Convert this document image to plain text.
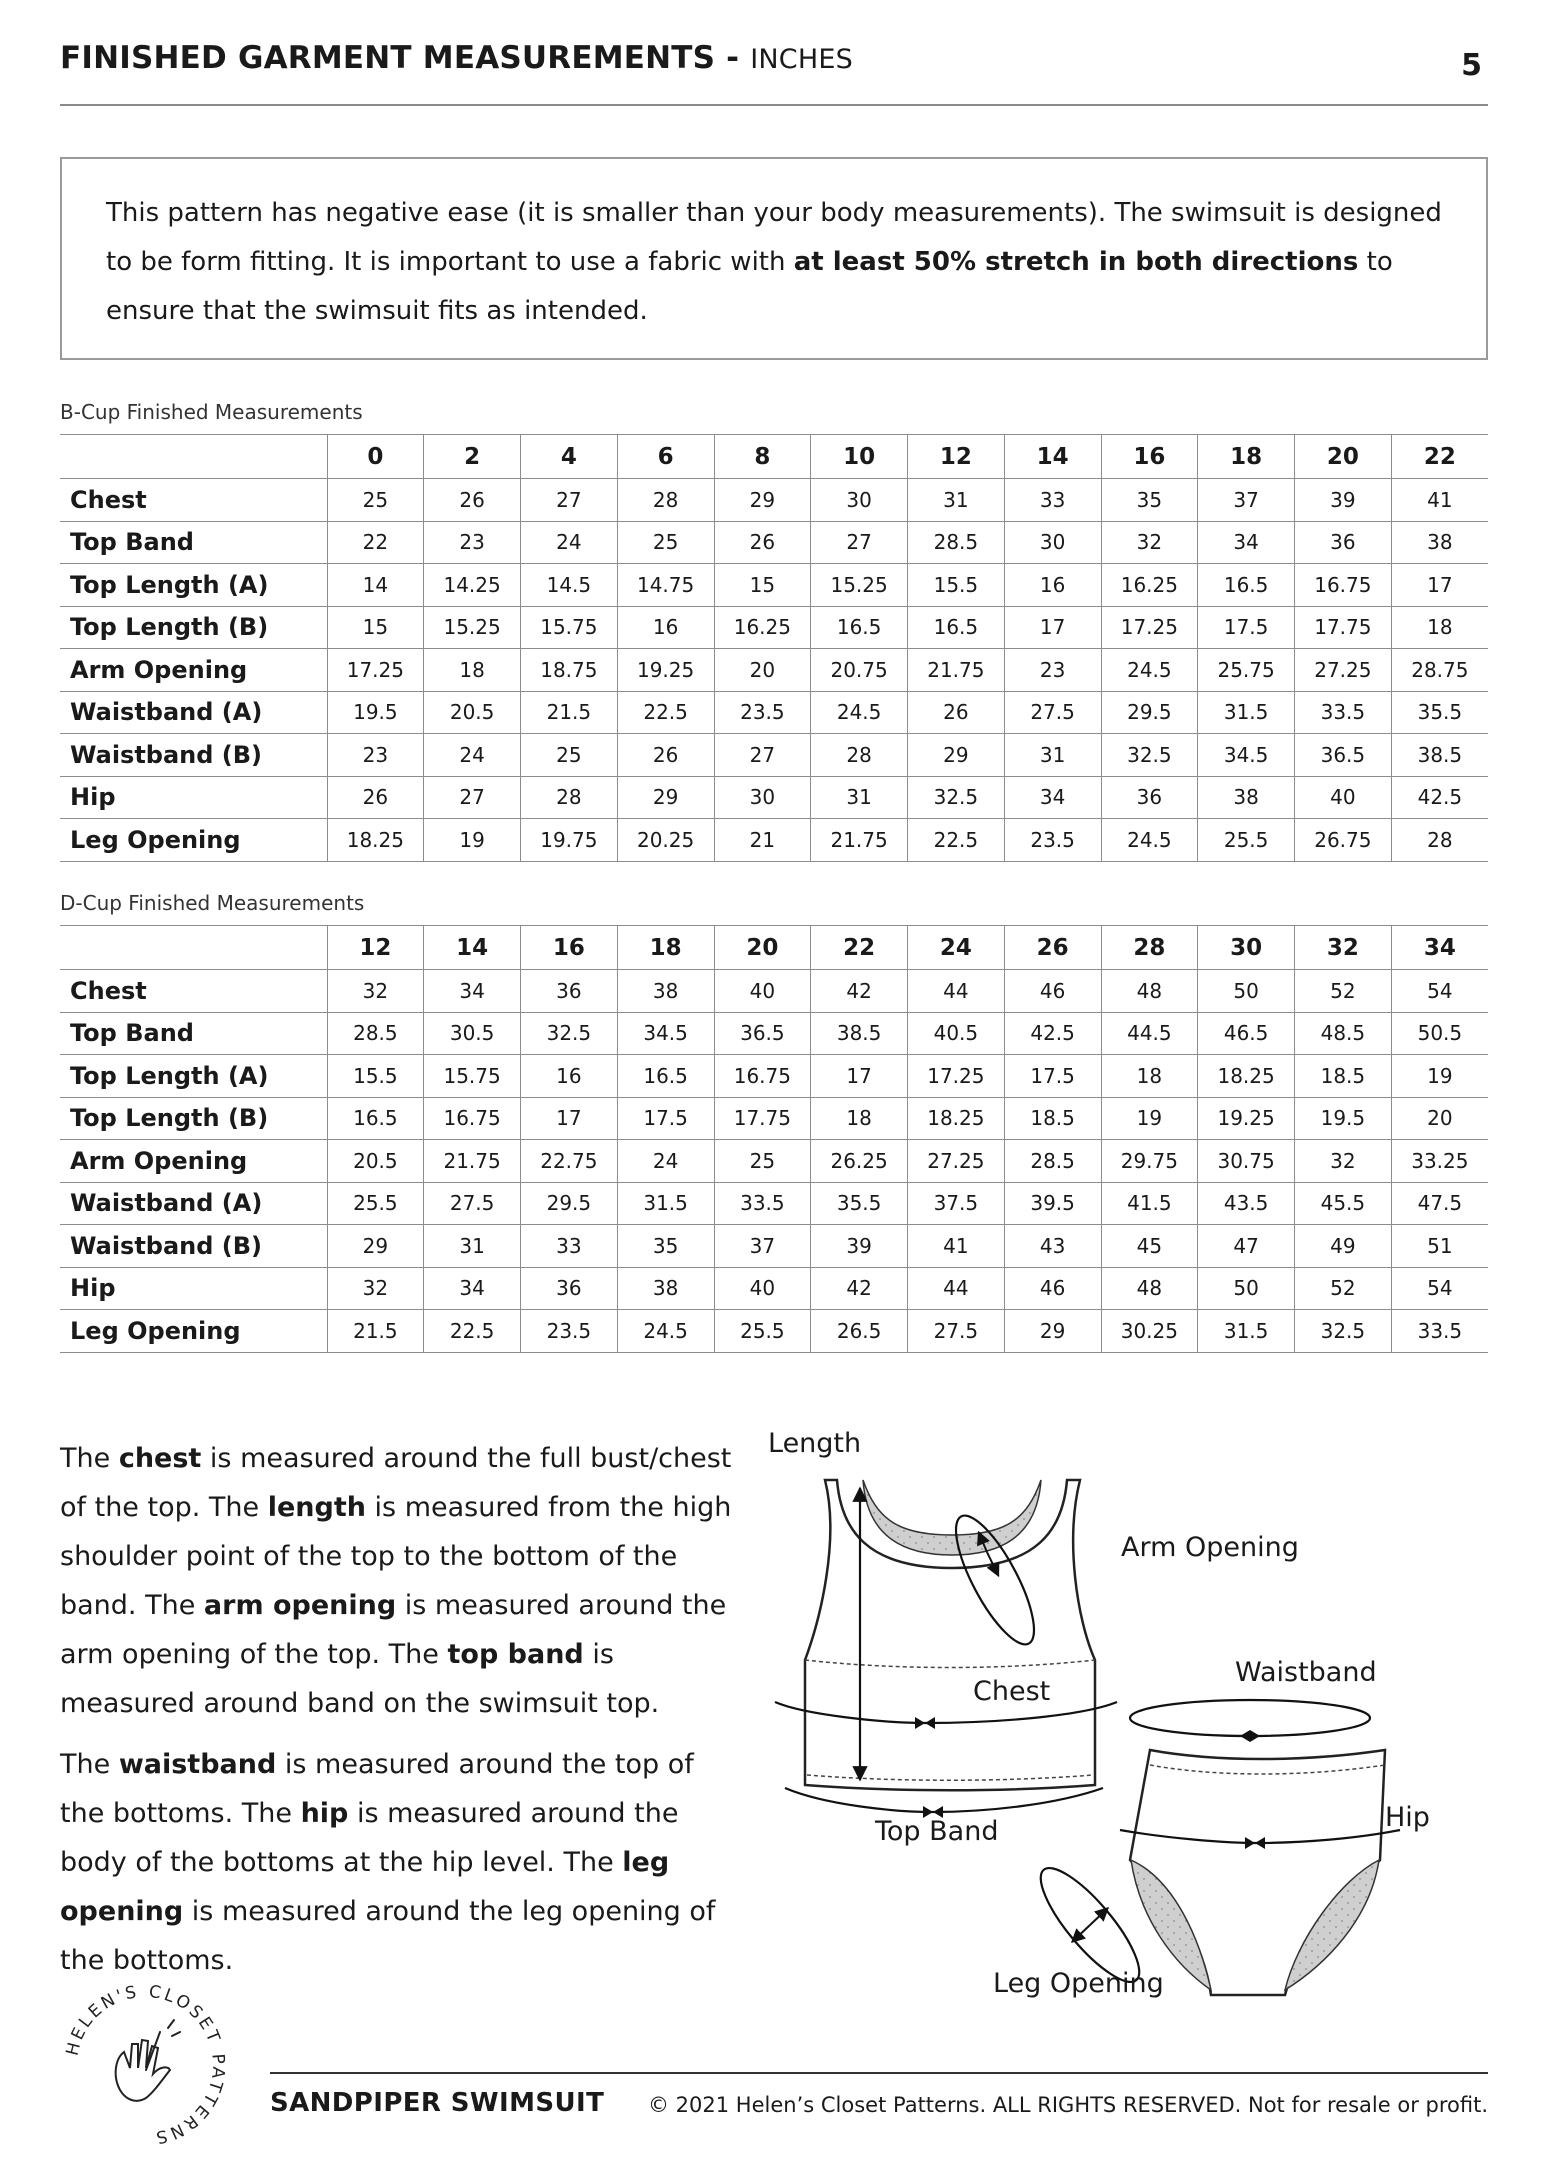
FINISHED GARMENT MEASUREMENTS - INCHES	5
This pattern has negative ease (it is smaller than your body measurements). The swimsuit is designed to be form fitting. It is important to use a fabric with at least 50% stretch in both directions to ensure that the swimsuit fits as intended.
B-Cup Finished Measurements
	0	2	4	6	8	10	12	14	16	18	20	22
Chest	25	26	27	28	29	30	31	33	35	37	39	41
Top Band	22	23	24	25	26	27	28.5	30	32	34	36	38
Top Length (A)	14	14.25	14.5	14.75	15	15.25	15.5	16	16.25	16.5	16.75	17
Top Length (B)	15	15.25	15.75	16	16.25	16.5	16.5	17	17.25	17.5	17.75	18
Arm Opening	17.25	18	18.75	19.25	20	20.75	21.75	23	24.5	25.75	27.25	28.75
Waistband (A)	19.5	20.5	21.5	22.5	23.5	24.5	26	27.5	29.5	31.5	33.5	35.5
Waistband (B)	23	24	25	26	27	28	29	31	32.5	34.5	36.5	38.5
Hip	26	27	28	29	30	31	32.5	34	36	38	40	42.5
Leg Opening	18.25	19	19.75	20.25	21	21.75	22.5	23.5	24.5	25.5	26.75	28
D-Cup Finished Measurements
	12	14	16	18	20	22	24	26	28	30	32	34
Chest	32	34	36	38	40	42	44	46	48	50	52	54
Top Band	28.5	30.5	32.5	34.5	36.5	38.5	40.5	42.5	44.5	46.5	48.5	50.5
Top Length (A)	15.5	15.75	16	16.5	16.75	17	17.25	17.5	18	18.25	18.5	19
Top Length (B)	16.5	16.75	17	17.5	17.75	18	18.25	18.5	19	19.25	19.5	20
Arm Opening	20.5	21.75	22.75	24	25	26.25	27.25	28.5	29.75	30.75	32	33.25
Waistband (A)	25.5	27.5	29.5	31.5	33.5	35.5	37.5	39.5	41.5	43.5	45.5	47.5
Waistband (B)	29	31	33	35	37	39	41	43	45	47	49	51
Hip	32	34	36	38	40	42	44	46	48	50	52	54
Leg Opening	21.5	22.5	23.5	24.5	25.5	26.5	27.5	29	30.25	31.5	32.5	33.5
The chest is measured around the full bust/chest of the top. The length is measured from the high shoulder point of the top to the bottom of the band. The arm opening is measured around the arm opening of the top. The top band is measured around band on the swimsuit top.
The waistband is measured around the top of the bottoms. The hip is measured around the body of the bottoms at the hip level. The leg opening is measured around the leg opening of the bottoms.
Length
Arm Opening
Chest
Top Band
Waistband
Hip
Leg Opening
HELEN'S CLOSET PATTERNS
SANDPIPER SWIMSUIT © 2021 Helen’s Closet Patterns. ALL RIGHTS RESERVED. Not for resale or profit.
